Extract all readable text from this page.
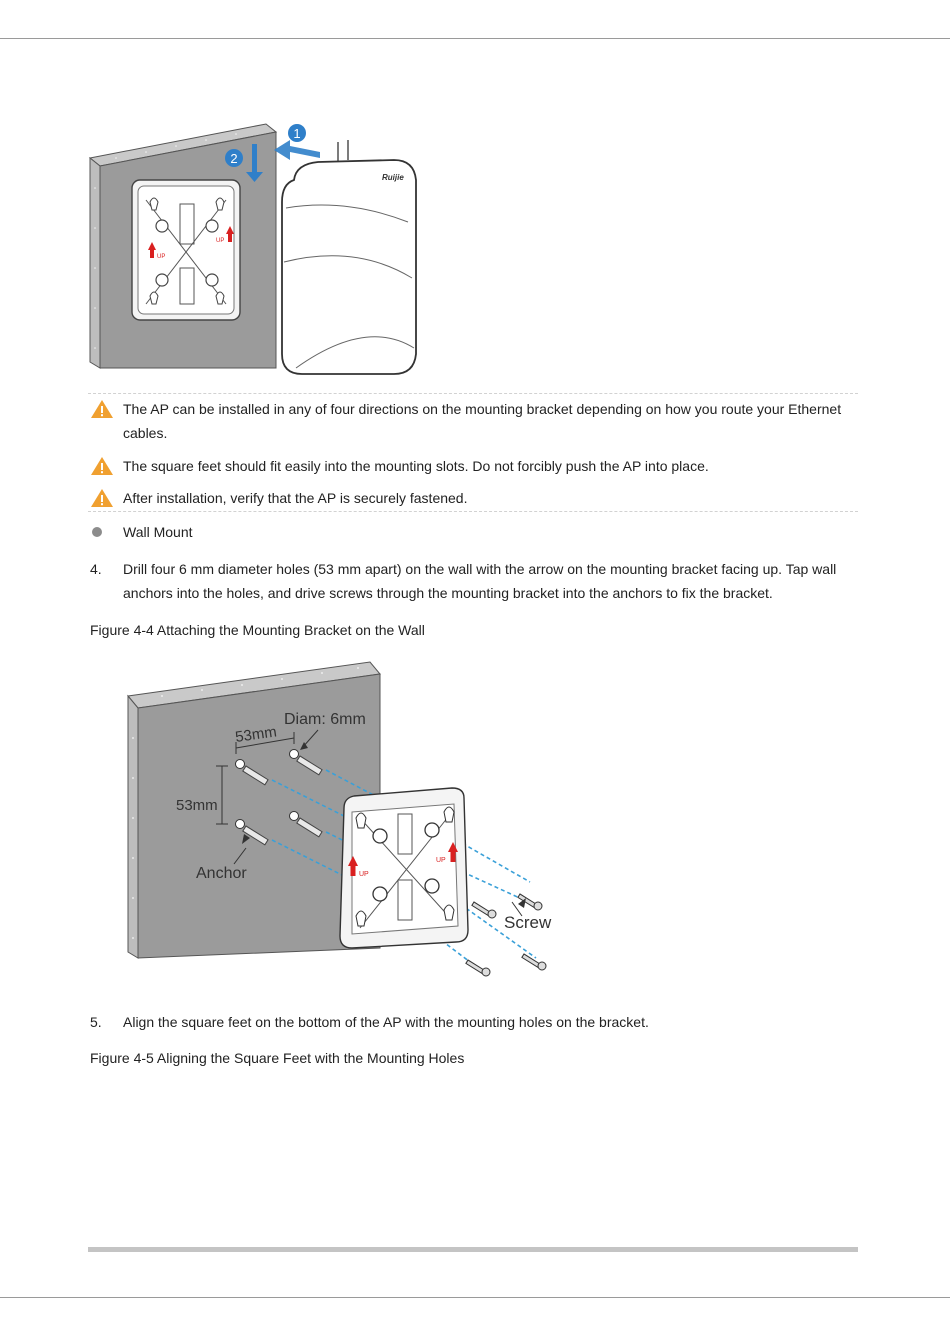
UP
UP
Ruijie
1
2
The AP can be installed in any of four directions on the mounting bracket depending on how you route your Ethernet cables.
The square feet should fit easily into the mounting slots. Do not forcibly push the AP into place.
After installation, verify that the AP is securely fastened.
Wall Mount
4. Drill four 6 mm diameter holes (53 mm apart) on the wall with the arrow on the mounting bracket facing up. Tap wall anchors into the holes, and drive screws through the mounting bracket into the anchors to fix the bracket.
Figure 4-4 Attaching the Mounting Bracket on the Wall
53mm
53mm
Diam: 6mm
Anchor	UP
UP
Screw
5. Align the square feet on the bottom of the AP with the mounting holes on the bracket.
Figure 4-5 Aligning the Square Feet with the Mounting Holes
